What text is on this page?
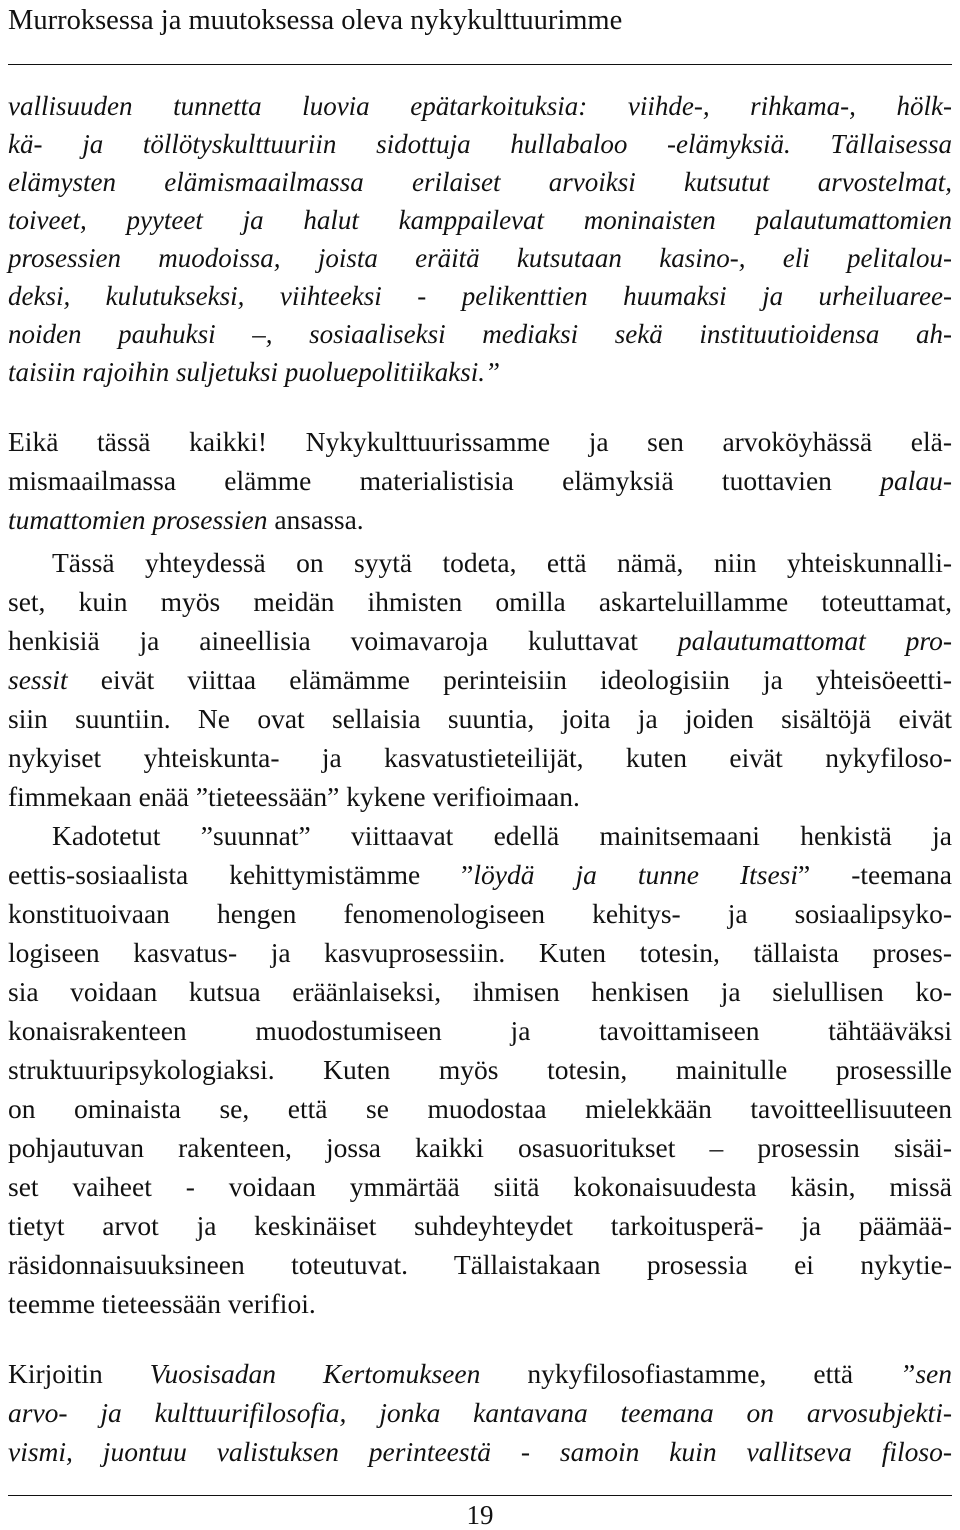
Murroksessa ja muutoksessa oleva nykykulttuurimme
vallisuuden tunnetta luovia epätarkoituksia: viihde-, rihkama-, hölk-
kä- ja töllötyskulttuuriin sidottuja hullabaloo -elämyksiä. Tällaisessa
elämysten elämismaailmassa erilaiset arvoiksi kutsutut arvostelmat,
toiveet, pyyteet ja halut kamppailevat moninaisten palautumattomien
prosessien muodoissa, joista eräitä kutsutaan kasino-, eli pelitalou-
deksi, kulutukseksi, viihteeksi - pelikenttien huumaksi ja urheiluaree-
noiden pauhuksi –, sosiaaliseksi mediaksi sekä instituutioidensa ah-
taisiin rajoihin suljetuksi puoluepolitiikaksi.”
Eikä tässä kaikki! Nykykulttuurissamme ja sen arvoköyhässä elä-
mismaailmassa elämme materialistisia elämyksiä tuottavien palau-
tumattomien prosessien ansassa.
Tässä yhteydessä on syytä todeta, että nämä, niin yhteiskunnalli-
set, kuin myös meidän ihmisten omilla askarteluillamme toteuttamat,
henkisiä ja aineellisia voimavaroja kuluttavat palautumattomat pro-
sessit eivät viittaa elämämme perinteisiin ideologisiin ja yhteisöeetti-
siin suuntiin. Ne ovat sellaisia suuntia, joita ja joiden sisältöjä eivät
nykyiset yhteiskunta- ja kasvatustieteilijät, kuten eivät nykyfiloso-
fimmekaan enää ”tieteessään” kykene verifioimaan.
Kadotetut ”suunnat” viittaavat edellä mainitsemaani henkistä ja
eettis-sosiaalista kehittymistämme ”löydä ja tunne Itsesi” -teemana
konstituoivaan hengen fenomenologiseen kehitys- ja sosiaalipsyko-
logiseen kasvatus- ja kasvuprosessiin. Kuten totesin, tällaista proses-
sia voidaan kutsua eräänlaiseksi, ihmisen henkisen ja sielullisen ko-
konaisrakenteen muodostumiseen ja tavoittamiseen tähtääväksi
struktuuripsykologiaksi. Kuten myös totesin, mainitulle prosessille
on ominaista se, että se muodostaa mielekkään tavoitteellisuuteen
pohjautuvan rakenteen, jossa kaikki osasuoritukset – prosessin sisäi-
set vaiheet - voidaan ymmärtää siitä kokonaisuudesta käsin, missä
tietyt arvot ja keskinäiset suhdeyhteydet tarkoitusperä- ja päämää-
räsidonnaisuuksineen toteutuvat. Tällaistakaan prosessia ei nykytie-
teemme tieteessään verifioi.
Kirjoitin Vuosisadan Kertomukseen nykyfilosofiastamme, että ”sen
arvo- ja kulttuurifilosofia, jonka kantavana teemana on arvosubjekti-
vismi, juontuu valistuksen perinteestä - samoin kuin vallitseva filoso-
19
